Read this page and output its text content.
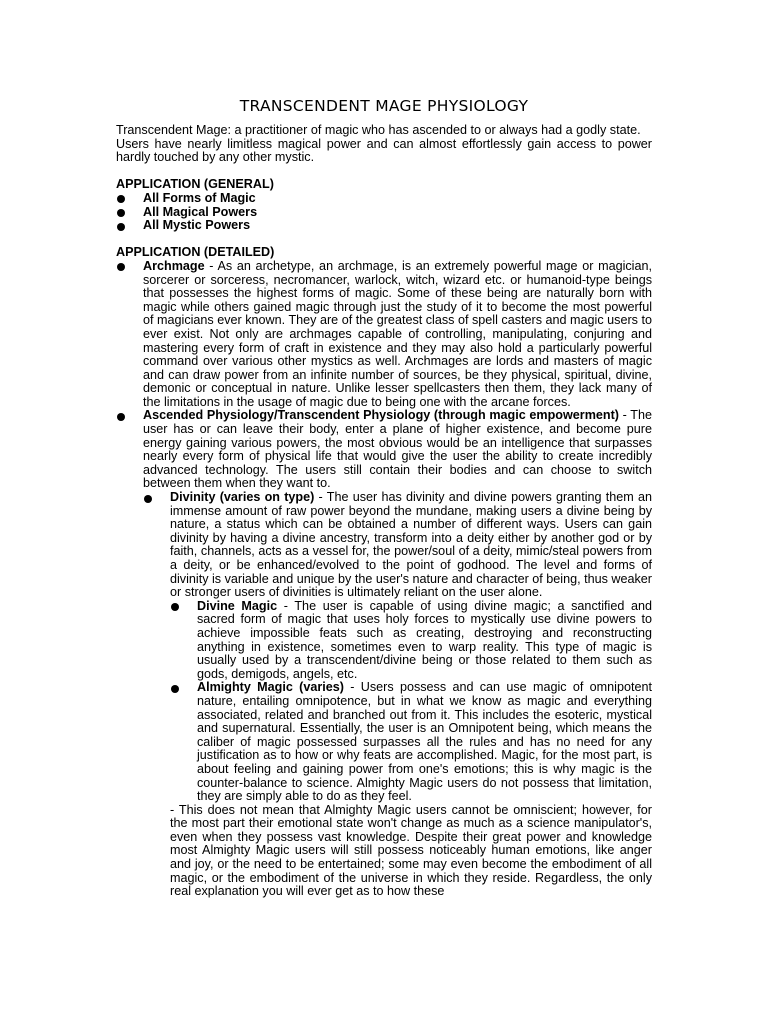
TRANSCENDENT MAGE PHYSIOLOGY

Transcendent Mage: a practitioner of magic who has ascended to or always had a godly state.

Users have nearly limitless magical power and can almost effortlessly gain access to power hardly touched by any other mystic.

APPLICATION (GENERAL)

All Forms of Magic
All Magical Powers
All Mystic Powers

APPLICATION (DETAILED)

Archmage - As an archetype, an archmage, is an extremely powerful mage or magician, sorcerer or sorceress, necromancer, warlock, witch, wizard etc. or humanoid-type beings that possesses the highest forms of magic. Some of these being are naturally born with magic while others gained magic through just the study of it to become the most powerful of magicians ever known. They are of the greatest class of spell casters and magic users to ever exist. Not only are archmages capable of controlling, manipulating, conjuring and mastering every form of craft in existence and they may also hold a particularly powerful command over various other mystics as well. Archmages are lords and masters of magic and can draw power from an infinite number of sources, be they physical, spiritual, divine, demonic or conceptual in nature. Unlike lesser spellcasters then them, they lack many of the limitations in the usage of magic due to being one with the arcane forces.
Ascended Physiology/Transcendent Physiology (through magic empowerment) - The user has or can leave their body, enter a plane of higher existence, and become pure energy gaining various powers, the most obvious would be an intelligence that surpasses nearly every form of physical life that would give the user the ability to create incredibly advanced technology. The users still contain their bodies and can choose to switch between them when they want to.
Divinity (varies on type) - The user has divinity and divine powers granting them an immense amount of raw power beyond the mundane, making users a divine being by nature, a status which can be obtained a number of different ways. Users can gain divinity by having a divine ancestry, transform into a deity either by another god or by faith, channels, acts as a vessel for, the power/soul of a deity, mimic/steal powers from a deity, or be enhanced/evolved to the point of godhood. The level and forms of divinity is variable and unique by the user's nature and character of being, thus weaker or stronger users of divinities is ultimately reliant on the user alone.
Divine Magic - The user is capable of using divine magic; a sanctified and sacred form of magic that uses holy forces to mystically use divine powers to achieve impossible feats such as creating, destroying and reconstructing anything in existence, sometimes even to warp reality. This type of magic is usually used by a transcendent/divine being or those related to them such as gods, demigods, angels, etc.
Almighty Magic (varies) - Users possess and can use magic of omnipotent nature, entailing omnipotence, but in what we know as magic and everything associated, related and branched out from it. This includes the esoteric, mystical and supernatural. Essentially, the user is an Omnipotent being, which means the caliber of magic possessed surpasses all the rules and has no need for any justification as to how or why feats are accomplished. Magic, for the most part, is about feeling and gaining power from one's emotions; this is why magic is the counter-balance to science. Almighty Magic users do not possess that limitation, they are simply able to do as they feel.

- This does not mean that Almighty Magic users cannot be omniscient; however, for the most part their emotional state won't change as much as a science manipulator's, even when they possess vast knowledge. Despite their great power and knowledge most Almighty Magic users will still possess noticeably human emotions, like anger and joy, or the need to be entertained; some may even become the embodiment of all magic, or the embodiment of the universe in which they reside. Regardless, the only real explanation you will ever get as to how these
